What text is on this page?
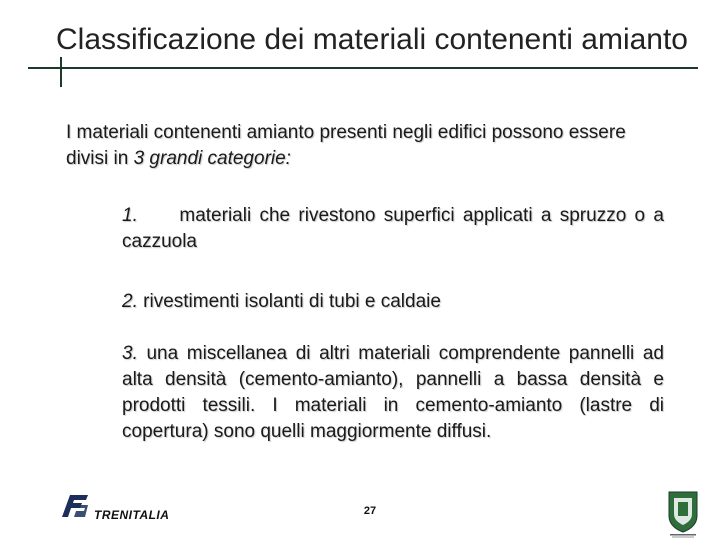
Classificazione dei materiali contenenti amianto
I materiali contenenti amianto presenti negli edifici possono essere divisi in 3 grandi categorie:
1. materiali che rivestono superfici applicati a spruzzo o a cazzuola
2. rivestimenti isolanti di tubi e caldaie
3. una miscellanea di altri materiali comprendente pannelli ad alta densità (cemento-amianto), pannelli a bassa densità e prodotti tessili. I materiali in cemento-amianto (lastre di copertura) sono quelli maggiormente diffusi.
TRENITALIA	27
